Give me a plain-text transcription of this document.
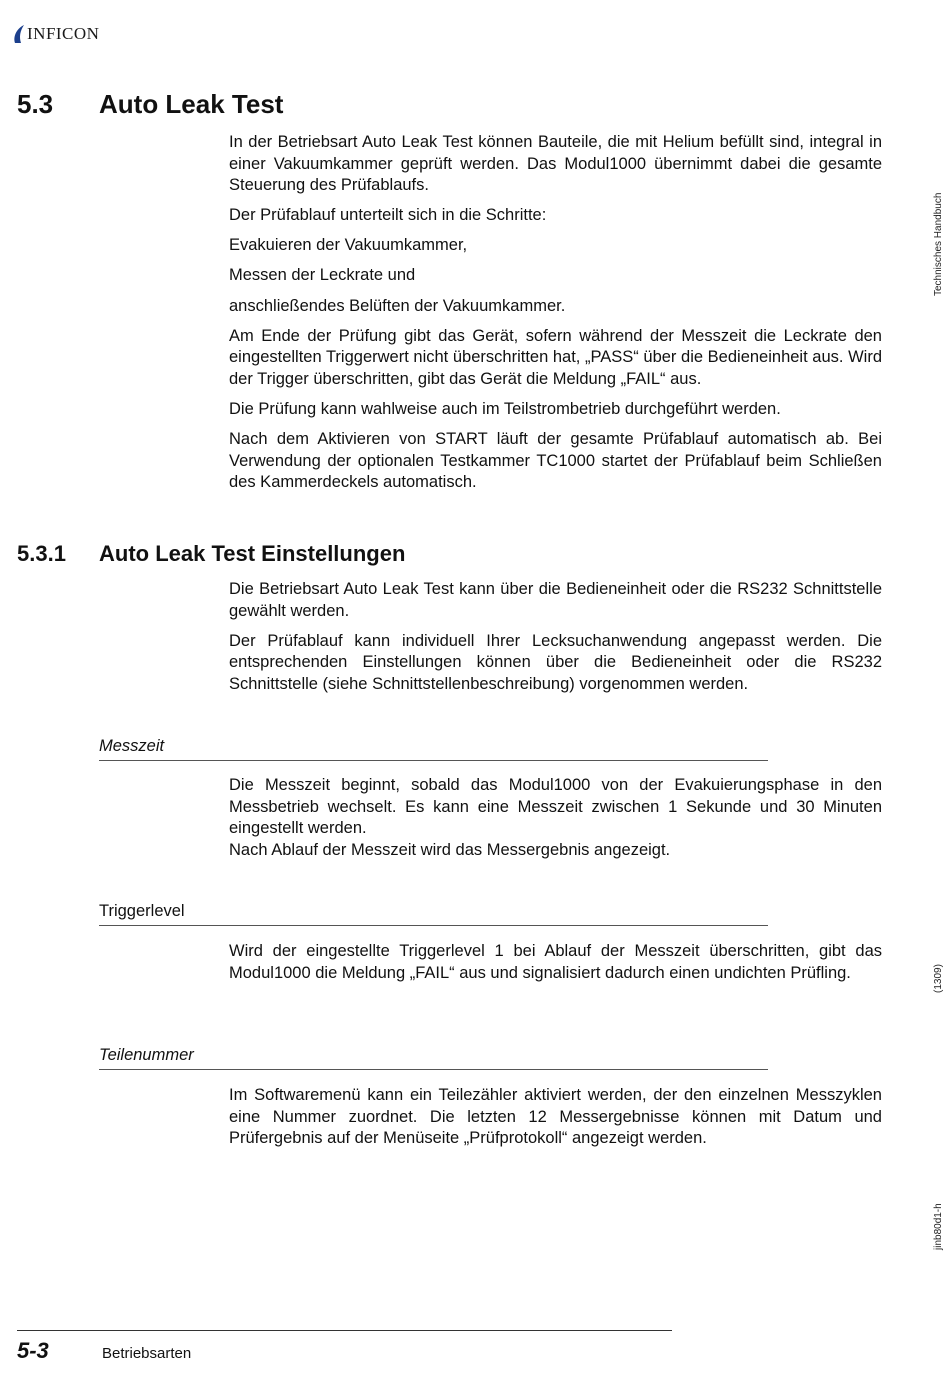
INFICON
5.3 Auto Leak Test

In der Betriebsart Auto Leak Test können Bauteile, die mit Helium befüllt sind, integral in einer Vakuumkammer geprüft werden. Das Modul1000 übernimmt dabei die gesamte Steuerung des Prüfablaufs.

Der Prüfablauf unterteilt sich in die Schritte:

Evakuieren der Vakuumkammer,

Messen der Leckrate und

anschließendes Belüften der Vakuumkammer.

Am Ende der Prüfung gibt das Gerät, sofern während der Messzeit die Leckrate den eingestellten Triggerwert nicht überschritten hat, „PASS“ über die Bedieneinheit aus. Wird der Trigger überschritten, gibt das Gerät die Meldung „FAIL“ aus.

Die Prüfung kann wahlweise auch im Teilstrombetrieb durchgeführt werden.

Nach dem Aktivieren von START läuft der gesamte Prüfablauf automatisch ab. Bei Verwendung der optionalen Testkammer TC1000 startet der Prüfablauf beim Schließen des Kammerdeckels automatisch.

5.3.1 Auto Leak Test Einstellungen

Die Betriebsart Auto Leak Test kann über die Bedieneinheit oder die RS232 Schnittstelle gewählt werden.

Der Prüfablauf kann individuell Ihrer Lecksuchanwendung angepasst werden. Die entsprechenden Einstellungen können über die Bedieneinheit oder die RS232 Schnittstelle (siehe Schnittstellenbeschreibung) vorgenommen werden.

Messzeit

Die Messzeit beginnt, sobald das Modul1000 von der Evakuierungsphase in den Messbetrieb wechselt. Es kann eine Messzeit zwischen 1 Sekunde und 30 Minuten eingestellt werden.

Nach Ablauf der Messzeit wird das Messergebnis angezeigt.

Triggerlevel

Wird der eingestellte Triggerlevel 1 bei Ablauf der Messzeit überschritten, gibt das Modul1000 die Meldung „FAIL“ aus und signalisiert dadurch einen undichten Prüfling.

Teilenummer

Im Softwaremenü kann ein Teilezähler aktiviert werden, der den einzelnen Messzyklen eine Nummer zuordnet. Die letzten 12 Messergebnisse können mit Datum und Prüfergebnis auf der Menüseite „Prüfprotokoll“ angezeigt werden.

Technisches Handbuch
(1309)
jinb80d1-h
5-3	Betriebsarten
